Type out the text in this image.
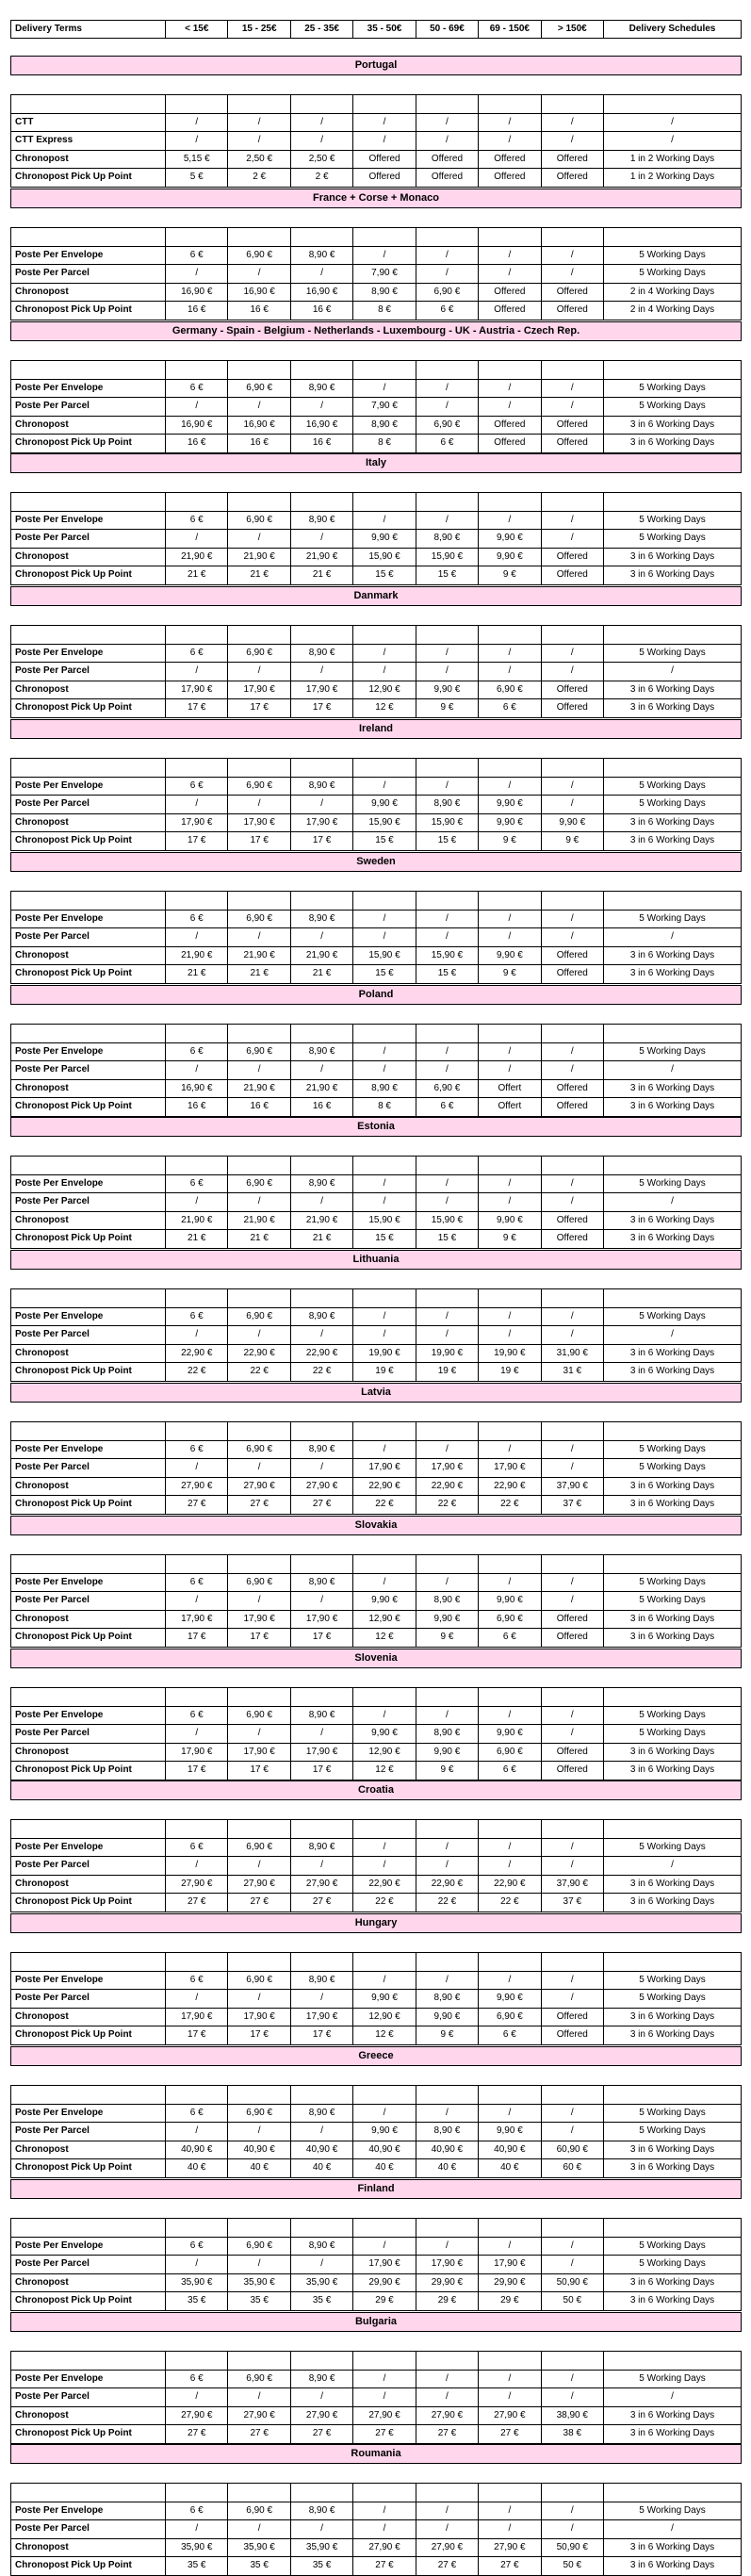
Delivery Terms	< 15€	15 - 25€	25 - 35€	35 - 50€	50 - 69€	69 - 150€	> 150€	Delivery Schedules
Portugal

CTT	/	/	/	/	/	/	/	/
CTT Express	/	/	/	/	/	/	/	/
Chronopost	5,15 €	2,50 €	2,50 €	Offered	Offered	Offered	Offered	1 in 2 Working Days
Chronopost Pick Up Point	5 €	2 €	2 €	Offered	Offered	Offered	Offered	1 in 2 Working Days
France + Corse + Monaco

Poste Per Envelope	6 €	6,90 €	8,90 €	/	/	/	/	5 Working Days
Poste Per Parcel	/	/	/	7,90 €	/	/	/	5 Working Days
Chronopost	16,90 €	16,90 €	16,90 €	8,90 €	6,90 €	Offered	Offered	2 in 4 Working Days
Chronopost Pick Up Point	16 €	16 €	16 €	8 €	6 €	Offered	Offered	2 in 4 Working Days
Germany - Spain - Belgium - Netherlands - Luxembourg - UK - Austria - Czech Rep.

Poste Per Envelope	6 €	6,90 €	8,90 €	/	/	/	/	5 Working Days
Poste Per Parcel	/	/	/	7,90 €	/	/	/	5 Working Days
Chronopost	16,90 €	16,90 €	16,90 €	8,90 €	6,90 €	Offered	Offered	3 in 6 Working Days
Chronopost Pick Up Point	16 €	16 €	16 €	8 €	6 €	Offered	Offered	3 in 6 Working Days
Italy

Poste Per Envelope	6 €	6,90 €	8,90 €	/	/	/	/	5 Working Days
Poste Per Parcel	/	/	/	9,90 €	8,90 €	9,90 €	/	5 Working Days
Chronopost	21,90 €	21,90 €	21,90 €	15,90 €	15,90 €	9,90 €	Offered	3 in 6 Working Days
Chronopost Pick Up Point	21 €	21 €	21 €	15 €	15 €	9 €	Offered	3 in 6 Working Days
Danmark

Poste Per Envelope	6 €	6,90 €	8,90 €	/	/	/	/	5 Working Days
Poste Per Parcel	/	/	/	/	/	/	/	/
Chronopost	17,90 €	17,90 €	17,90 €	12,90 €	9,90 €	6,90 €	Offered	3 in 6 Working Days
Chronopost Pick Up Point	17 €	17 €	17 €	12 €	9 €	6 €	Offered	3 in 6 Working Days
Ireland

Poste Per Envelope	6 €	6,90 €	8,90 €	/	/	/	/	5 Working Days
Poste Per Parcel	/	/	/	9,90 €	8,90 €	9,90 €	/	5 Working Days
Chronopost	17,90 €	17,90 €	17,90 €	15,90 €	15,90 €	9,90 €	9,90 €	3 in 6 Working Days
Chronopost Pick Up Point	17 €	17 €	17 €	15 €	15 €	9 €	9 €	3 in 6 Working Days
Sweden

Poste Per Envelope	6 €	6,90 €	8,90 €	/	/	/	/	5 Working Days
Poste Per Parcel	/	/	/	/	/	/	/	/
Chronopost	21,90 €	21,90 €	21,90 €	15,90 €	15,90 €	9,90 €	Offered	3 in 6 Working Days
Chronopost Pick Up Point	21 €	21 €	21 €	15 €	15 €	9 €	Offered	3 in 6 Working Days
Poland

Poste Per Envelope	6 €	6,90 €	8,90 €	/	/	/	/	5 Working Days
Poste Per Parcel	/	/	/	/	/	/	/	/
Chronopost	16,90 €	21,90 €	21,90 €	8,90 €	6,90 €	Offert	Offered	3 in 6 Working Days
Chronopost Pick Up Point	16 €	16 €	16 €	8 €	6 €	Offert	Offered	3 in 6 Working Days
Estonia

Poste Per Envelope	6 €	6,90 €	8,90 €	/	/	/	/	5 Working Days
Poste Per Parcel	/	/	/	/	/	/	/	/
Chronopost	21,90 €	21,90 €	21,90 €	15,90 €	15,90 €	9,90 €	Offered	3 in 6 Working Days
Chronopost Pick Up Point	21 €	21 €	21 €	15 €	15 €	9 €	Offered	3 in 6 Working Days
Lithuania

Poste Per Envelope	6 €	6,90 €	8,90 €	/	/	/	/	5 Working Days
Poste Per Parcel	/	/	/	/	/	/	/	/
Chronopost	22,90 €	22,90 €	22,90 €	19,90 €	19,90 €	19,90 €	31,90 €	3 in 6 Working Days
Chronopost Pick Up Point	22 €	22 €	22 €	19 €	19 €	19 €	31 €	3 in 6 Working Days
Latvia

Poste Per Envelope	6 €	6,90 €	8,90 €	/	/	/	/	5 Working Days
Poste Per Parcel	/	/	/	17,90 €	17,90 €	17,90 €	/	5 Working Days
Chronopost	27,90 €	27,90 €	27,90 €	22,90 €	22,90 €	22,90 €	37,90 €	3 in 6 Working Days
Chronopost Pick Up Point	27 €	27 €	27 €	22 €	22 €	22 €	37 €	3 in 6 Working Days
Slovakia

Poste Per Envelope	6 €	6,90 €	8,90 €	/	/	/	/	5 Working Days
Poste Per Parcel	/	/	/	9,90 €	8,90 €	9,90 €	/	5 Working Days
Chronopost	17,90 €	17,90 €	17,90 €	12,90 €	9,90 €	6,90 €	Offered	3 in 6 Working Days
Chronopost Pick Up Point	17 €	17 €	17 €	12 €	9 €	6 €	Offered	3 in 6 Working Days
Slovenia

Poste Per Envelope	6 €	6,90 €	8,90 €	/	/	/	/	5 Working Days
Poste Per Parcel	/	/	/	9,90 €	8,90 €	9,90 €	/	5 Working Days
Chronopost	17,90 €	17,90 €	17,90 €	12,90 €	9,90 €	6,90 €	Offered	3 in 6 Working Days
Chronopost Pick Up Point	17 €	17 €	17 €	12 €	9 €	6 €	Offered	3 in 6 Working Days
Croatia

Poste Per Envelope	6 €	6,90 €	8,90 €	/	/	/	/	5 Working Days
Poste Per Parcel	/	/	/	/	/	/	/	/
Chronopost	27,90 €	27,90 €	27,90 €	22,90 €	22,90 €	22,90 €	37,90 €	3 in 6 Working Days
Chronopost Pick Up Point	27 €	27 €	27 €	22 €	22 €	22 €	37 €	3 in 6 Working Days
Hungary

Poste Per Envelope	6 €	6,90 €	8,90 €	/	/	/	/	5 Working Days
Poste Per Parcel	/	/	/	9,90 €	8,90 €	9,90 €	/	5 Working Days
Chronopost	17,90 €	17,90 €	17,90 €	12,90 €	9,90 €	6,90 €	Offered	3 in 6 Working Days
Chronopost Pick Up Point	17 €	17 €	17 €	12 €	9 €	6 €	Offered	3 in 6 Working Days
Greece

Poste Per Envelope	6 €	6,90 €	8,90 €	/	/	/	/	5 Working Days
Poste Per Parcel	/	/	/	9,90 €	8,90 €	9,90 €	/	5 Working Days
Chronopost	40,90 €	40,90 €	40,90 €	40,90 €	40,90 €	40,90 €	60,90 €	3 in 6 Working Days
Chronopost Pick Up Point	40 €	40 €	40 €	40 €	40 €	40 €	60 €	3 in 6 Working Days
Finland

Poste Per Envelope	6 €	6,90 €	8,90 €	/	/	/	/	5 Working Days
Poste Per Parcel	/	/	/	17,90 €	17,90 €	17,90 €	/	5 Working Days
Chronopost	35,90 €	35,90 €	35,90 €	29,90 €	29,90 €	29,90 €	50,90 €	3 in 6 Working Days
Chronopost Pick Up Point	35 €	35 €	35 €	29 €	29 €	29 €	50 €	3 in 6 Working Days
Bulgaria

Poste Per Envelope	6 €	6,90 €	8,90 €	/	/	/	/	5 Working Days
Poste Per Parcel	/	/	/	/	/	/	/	/
Chronopost	27,90 €	27,90 €	27,90 €	27,90 €	27,90 €	27,90 €	38,90 €	3 in 6 Working Days
Chronopost Pick Up Point	27 €	27 €	27 €	27 €	27 €	27 €	38 €	3 in 6 Working Days
Roumania

Poste Per Envelope	6 €	6,90 €	8,90 €	/	/	/	/	5 Working Days
Poste Per Parcel	/	/	/	/	/	/	/	/
Chronopost	35,90 €	35,90 €	35,90 €	27,90 €	27,90 €	27,90 €	50,90 €	3 in 6 Working Days
Chronopost Pick Up Point	35 €	35 €	35 €	27 €	27 €	27 €	50 €	3 in 6 Working Days
